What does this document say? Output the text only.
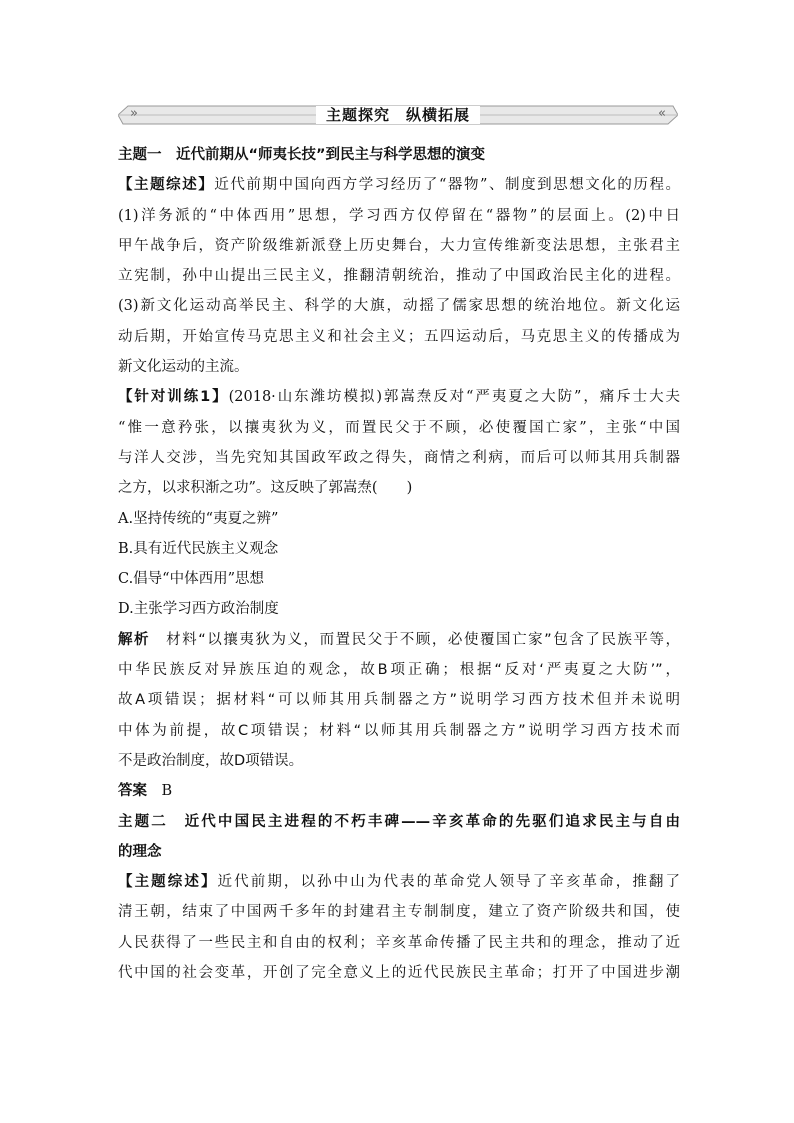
»	主题探究　纵横拓展	«
主题一　近代前期从“师夷长技”到民主与科学思想的演变
【主题综述】近代前期中国向西方学习经历了“器物”、制度到思想文化的历程。
(1)洋务派的“中体西用”思想，学习西方仅停留在“器物”的层面上。(2)中日
甲午战争后，资产阶级维新派登上历史舞台，大力宣传维新变法思想，主张君主
立宪制，孙中山提出三民主义，推翻清朝统治，推动了中国政治民主化的进程。
(3)新文化运动高举民主、科学的大旗，动摇了儒家思想的统治地位。新文化运
动后期，开始宣传马克思主义和社会主义；五四运动后，马克思主义的传播成为
新文化运动的主流。
【针对训练1】(2018·山东潍坊模拟)郭嵩焘反对“严夷夏之大防”，痛斥士大夫
“惟一意矜张，以攘夷狄为义，而置民父于不顾，必使覆国亡家”，主张“中国
与洋人交涉，当先究知其国政军政之得失，商情之利病，而后可以师其用兵制器
之方，以求积渐之功”。这反映了郭嵩焘(　　)
A.坚持传统的“夷夏之辨”
B.具有近代民族主义观念
C.倡导“中体西用”思想
D.主张学习西方政治制度
解析　 材料“以攘夷狄为义，而置民父于不顾，必使覆国亡家”包含了民族平等，
中华民族反对异族压迫的观念，故B项正确；根据“反对‘严夷夏之大防’”，
故A项错误；据材料“可以师其用兵制器之方”说明学习西方技术但并未说明
中体为前提，故C项错误；材料“以师其用兵制器之方”说明学习西方技术而
不是政治制度，故D项错误。
答案　 B
主题二　近代中国民主进程的不朽丰碑——辛亥革命的先驱们追求民主与自由
的理念
【主题综述】近代前期，以孙中山为代表的革命党人领导了辛亥革命，推翻了
清王朝，结束了中国两千多年的封建君主专制制度，建立了资产阶级共和国，使
人民获得了一些民主和自由的权利；辛亥革命传播了民主共和的理念，推动了近
代中国的社会变革，开创了完全意义上的近代民族民主革命；打开了中国进步潮
